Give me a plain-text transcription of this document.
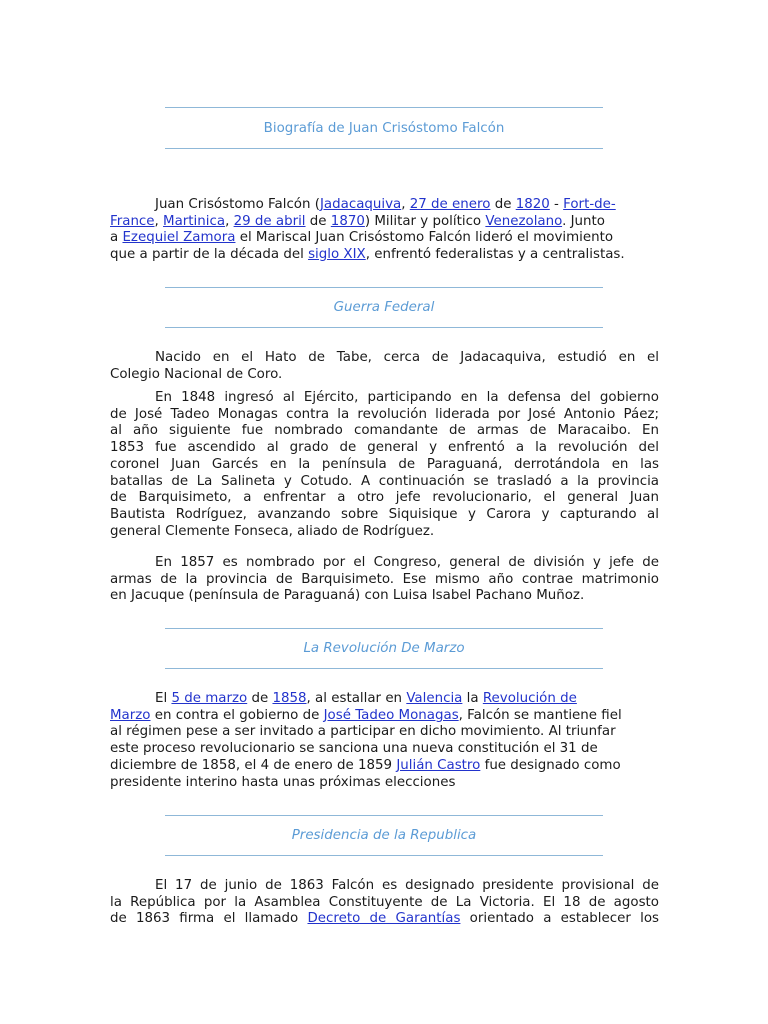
Biografía de Juan Crisóstomo Falcón
Juan Crisóstomo Falcón (Jadacaquiva, 27 de enero de 1820 - Fort-de-
France, Martinica, 29 de abril de 1870) Militar y político Venezolano. Junto
a Ezequiel Zamora el Mariscal Juan Crisóstomo Falcón lideró el movimiento
que a partir de la década del siglo XIX, enfrentó federalistas y a centralistas.
Guerra Federal
Nacido en el Hato de Tabe, cerca de Jadacaquiva, estudió en el
Colegio Nacional de Coro.
En 1848 ingresó al Ejército, participando en la defensa del gobierno
de José Tadeo Monagas contra la revolución liderada por José Antonio Páez;
al año siguiente fue nombrado comandante de armas de Maracaibo. En
1853 fue ascendido al grado de general y enfrentó a la revolución del
coronel Juan Garcés en la península de Paraguaná, derrotándola en las
batallas de La Salineta y Cotudo. A continuación se trasladó a la provincia
de Barquisimeto, a enfrentar a otro jefe revolucionario, el general Juan
Bautista Rodríguez, avanzando sobre Siquisique y Carora y capturando al
general Clemente Fonseca, aliado de Rodríguez.
En 1857 es nombrado por el Congreso, general de división y jefe de
armas de la provincia de Barquisimeto. Ese mismo año contrae matrimonio
en Jacuque (península de Paraguaná) con Luisa Isabel Pachano Muñoz.
La Revolución De Marzo
El 5 de marzo de 1858, al estallar en Valencia la Revolución de
Marzo en contra el gobierno de José Tadeo Monagas, Falcón se mantiene fiel
al régimen pese a ser invitado a participar en dicho movimiento. Al triunfar
este proceso revolucionario se sanciona una nueva constitución el 31 de
diciembre de 1858, el 4 de enero de 1859 Julián Castro fue designado como
presidente interino hasta unas próximas elecciones
Presidencia de la Republica
El 17 de junio de 1863 Falcón es designado presidente provisional de
la República por la Asamblea Constituyente de La Victoria. El 18 de agosto
de 1863 firma el llamado Decreto de Garantías orientado a establecer los
